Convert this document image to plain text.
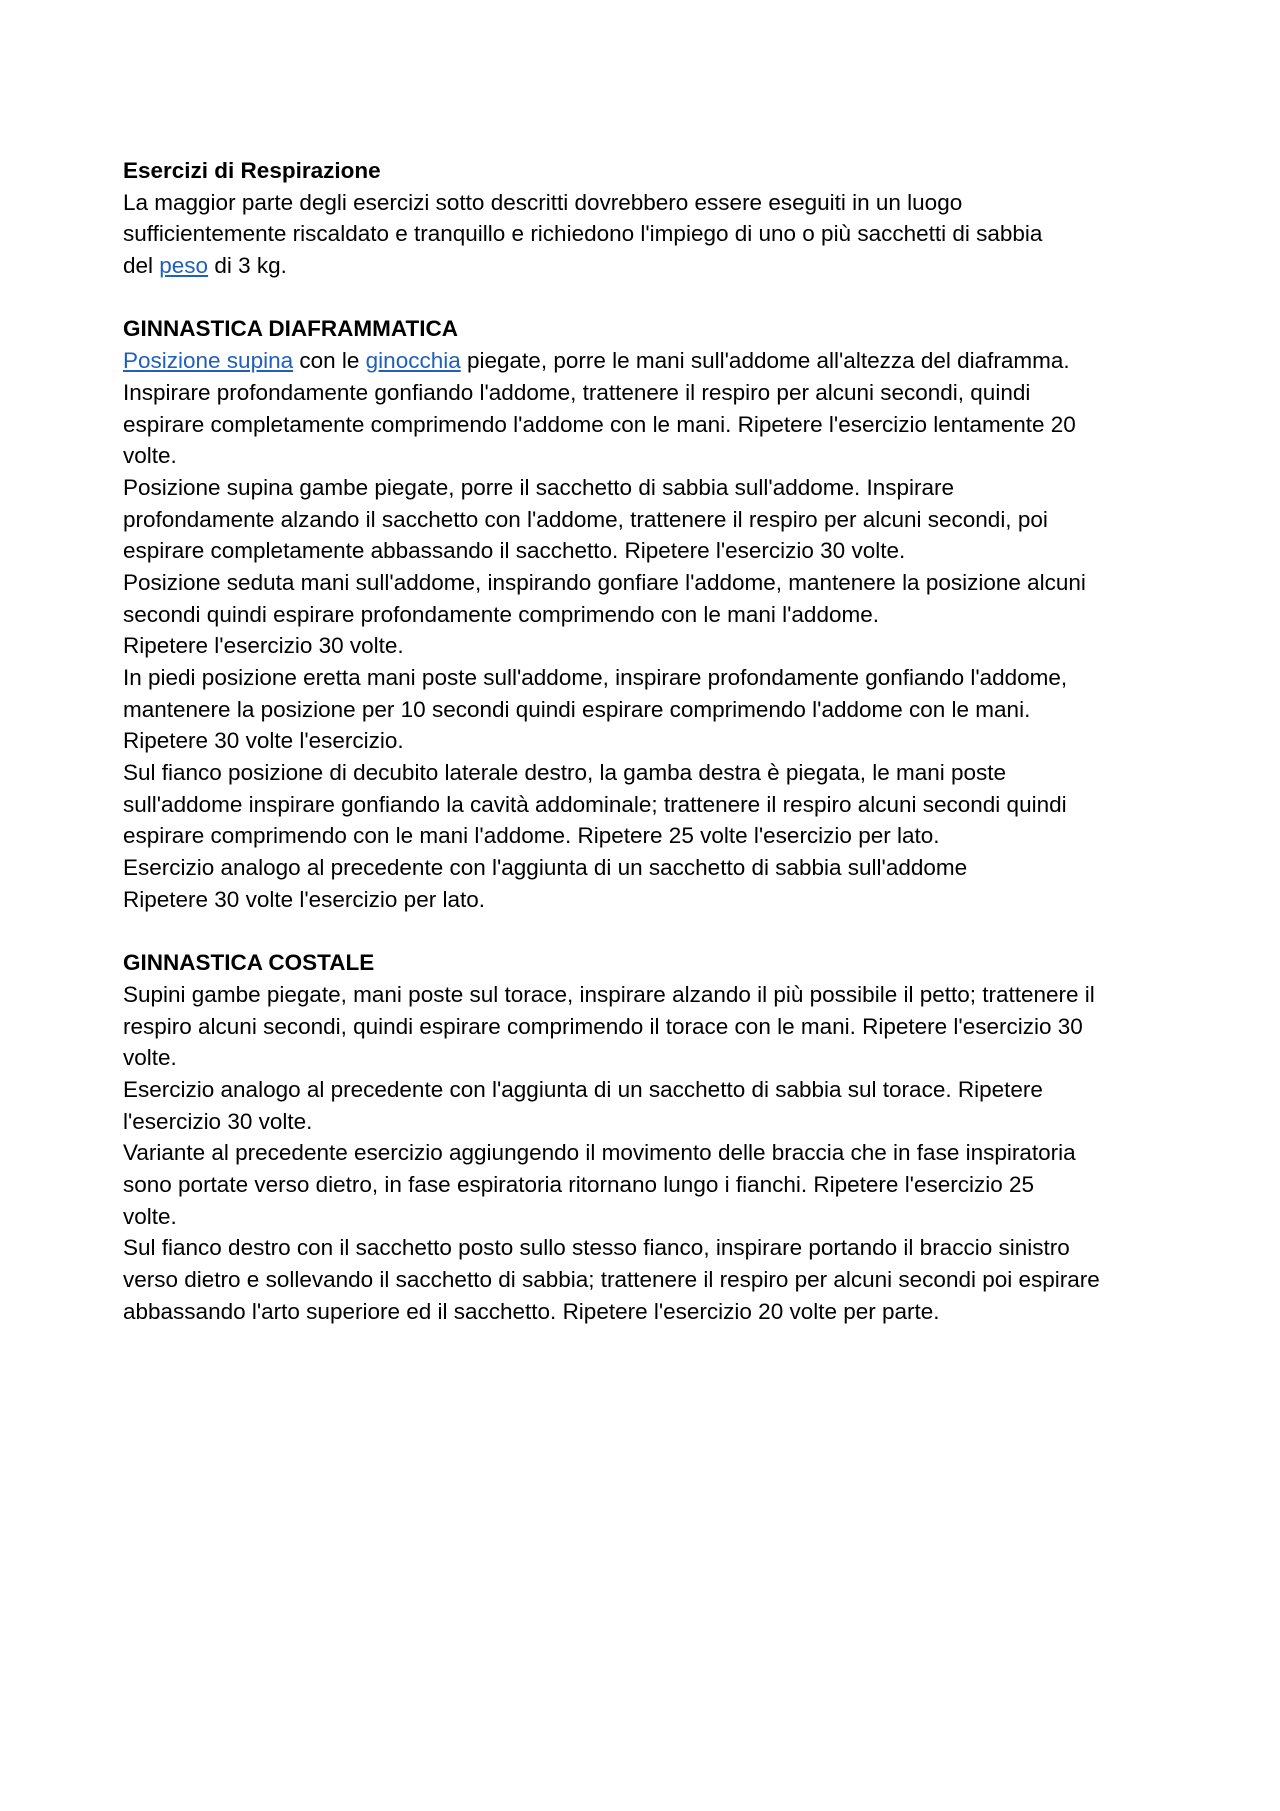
Esercizi di Respirazione
La maggior parte degli esercizi sotto descritti dovrebbero essere eseguiti in un luogo
sufficientemente riscaldato e tranquillo e richiedono l'impiego di uno o più sacchetti di sabbia
del peso di 3 kg.
GINNASTICA DIAFRAMMATICA
Posizione supina con le ginocchia piegate, porre le mani sull'addome all'altezza del diaframma.
Inspirare profondamente gonfiando l'addome, trattenere il respiro per alcuni secondi, quindi
espirare completamente comprimendo l'addome con le mani. Ripetere l'esercizio lentamente 20
volte.
Posizione supina gambe piegate, porre il sacchetto di sabbia sull'addome. Inspirare
profondamente alzando il sacchetto con l'addome, trattenere il respiro per alcuni secondi, poi
espirare completamente abbassando il sacchetto. Ripetere l'esercizio 30 volte.
Posizione seduta mani sull'addome, inspirando gonfiare l'addome, mantenere la posizione alcuni
secondi quindi espirare profondamente comprimendo con le mani l'addome.
Ripetere l'esercizio 30 volte.
In piedi posizione eretta mani poste sull'addome, inspirare profondamente gonfiando l'addome,
mantenere la posizione per 10 secondi quindi espirare comprimendo l'addome con le mani.
Ripetere 30 volte l'esercizio.
Sul fianco posizione di decubito laterale destro, la gamba destra è piegata, le mani poste
sull'addome inspirare gonfiando la cavità addominale; trattenere il respiro alcuni secondi quindi
espirare comprimendo con le mani l'addome. Ripetere 25 volte l'esercizio per lato.
Esercizio analogo al precedente con l'aggiunta di un sacchetto di sabbia sull'addome
Ripetere 30 volte l'esercizio per lato.
GINNASTICA COSTALE
Supini gambe piegate, mani poste sul torace, inspirare alzando il più possibile il petto; trattenere il
respiro alcuni secondi, quindi espirare comprimendo il torace con le mani. Ripetere l'esercizio 30
volte.
Esercizio analogo al precedente con l'aggiunta di un sacchetto di sabbia sul torace. Ripetere
l'esercizio 30 volte.
Variante al precedente esercizio aggiungendo il movimento delle braccia che in fase inspiratoria
sono portate verso dietro, in fase espiratoria ritornano lungo i fianchi. Ripetere l'esercizio 25
volte.
Sul fianco destro con il sacchetto posto sullo stesso fianco, inspirare portando il braccio sinistro
verso dietro e sollevando il sacchetto di sabbia; trattenere il respiro per alcuni secondi poi espirare
abbassando l'arto superiore ed il sacchetto. Ripetere l'esercizio 20 volte per parte.
